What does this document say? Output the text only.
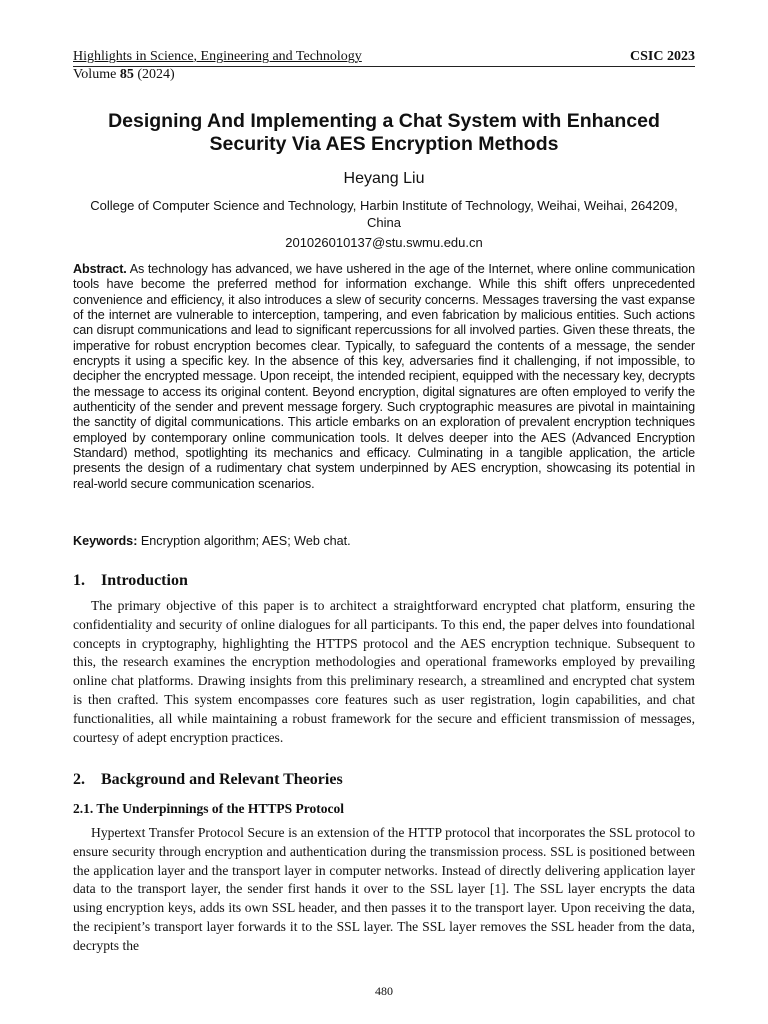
Highlights in Science, Engineering and Technology	CSIC 2023
Volume 85 (2024)
Designing And Implementing a Chat System with Enhanced Security Via AES Encryption Methods
Heyang Liu
College of Computer Science and Technology, Harbin Institute of Technology, Weihai, Weihai, 264209, China
201026010137@stu.swmu.edu.cn
Abstract. As technology has advanced, we have ushered in the age of the Internet, where online communication tools have become the preferred method for information exchange. While this shift offers unprecedented convenience and efficiency, it also introduces a slew of security concerns. Messages traversing the vast expanse of the internet are vulnerable to interception, tampering, and even fabrication by malicious entities. Such actions can disrupt communications and lead to significant repercussions for all involved parties. Given these threats, the imperative for robust encryption becomes clear. Typically, to safeguard the contents of a message, the sender encrypts it using a specific key. In the absence of this key, adversaries find it challenging, if not impossible, to decipher the encrypted message. Upon receipt, the intended recipient, equipped with the necessary key, decrypts the message to access its original content. Beyond encryption, digital signatures are often employed to verify the authenticity of the sender and prevent message forgery. Such cryptographic measures are pivotal in maintaining the sanctity of digital communications. This article embarks on an exploration of prevalent encryption techniques employed by contemporary online communication tools. It delves deeper into the AES (Advanced Encryption Standard) method, spotlighting its mechanics and efficacy. Culminating in a tangible application, the article presents the design of a rudimentary chat system underpinned by AES encryption, showcasing its potential in real-world secure communication scenarios.
Keywords: Encryption algorithm; AES; Web chat.
1. Introduction
The primary objective of this paper is to architect a straightforward encrypted chat platform, ensuring the confidentiality and security of online dialogues for all participants. To this end, the paper delves into foundational concepts in cryptography, highlighting the HTTPS protocol and the AES encryption technique. Subsequent to this, the research examines the encryption methodologies and operational frameworks employed by prevailing online chat platforms. Drawing insights from this preliminary research, a streamlined and encrypted chat system is then crafted. This system encompasses core features such as user registration, login capabilities, and chat functionalities, all while maintaining a robust framework for the secure and efficient transmission of messages, courtesy of adept encryption practices.
2. Background and Relevant Theories
2.1. The Underpinnings of the HTTPS Protocol
Hypertext Transfer Protocol Secure is an extension of the HTTP protocol that incorporates the SSL protocol to ensure security through encryption and authentication during the transmission process. SSL is positioned between the application layer and the transport layer in computer networks. Instead of directly delivering application layer data to the transport layer, the sender first hands it over to the SSL layer [1]. The SSL layer encrypts the data using encryption keys, adds its own SSL header, and then passes it to the transport layer. Upon receiving the data, the recipient’s transport layer forwards it to the SSL layer. The SSL layer removes the SSL header from the data, decrypts the
480
